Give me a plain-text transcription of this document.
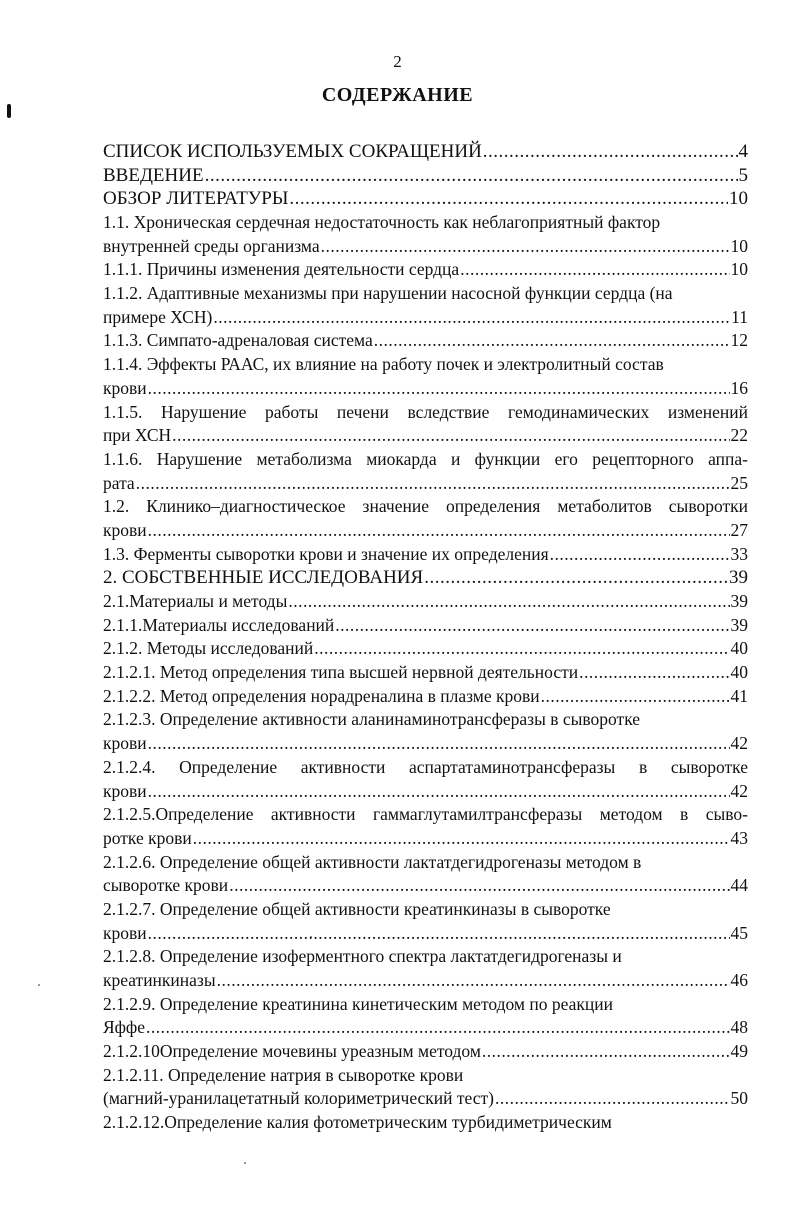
2
СОДЕРЖАНИЕ
СПИСОК ИСПОЛЬЗУЕМЫХ СОКРАЩЕНИЙ .....	4
ВВЕДЕНИЕ .....	5
ОБЗОР ЛИТЕРАТУРЫ .....	10
1.1. Хроническая сердечная недостаточность как неблагоприятный фактор
внутренней среды организма .....	10
1.1.1. Причины изменения деятельности сердца .....	10
1.1.2. Адаптивные механизмы при нарушении насосной функции сердца (на
примере ХСН) .....	11
1.1.3. Симпато-адреналовая система .....	12
1.1.4. Эффекты РААС, их влияние на работу почек и электролитный состав
крови .....	16
1.1.5. Нарушение работы печени вследствие гемодинамических изменений
при ХСН .....	22
1.1.6. Нарушение метаболизма миокарда и функции его рецепторного аппа-
рата .....	25
1.2. Клинико–диагностическое значение определения метаболитов сыворотки
крови .....	27
1.3. Ферменты сыворотки крови и значение их определения .....	33
2. СОБСТВЕННЫЕ ИССЛЕДОВАНИЯ .....	39
2.1.Материалы и методы .....	39
2.1.1.Материалы исследований .....	39
2.1.2. Методы исследований .....	40
2.1.2.1. Метод определения типа высшей нервной деятельности .....	40
2.1.2.2. Метод определения норадреналина в плазме крови .....	41
2.1.2.3. Определение активности аланинаминотрансферазы в сыворотке
крови .....	42
2.1.2.4. Определение активности аспартатаминотрансферазы в сыворотке
крови .....	42
2.1.2.5.Определение активности гаммаглутамилтрансферазы методом в сыво-
ротке крови .....	43
2.1.2.6. Определение общей активности лактатдегидрогеназы методом в
сыворотке крови .....	44
2.1.2.7. Определение общей активности креатинкиназы в сыворотке
крови .....	45
2.1.2.8. Определение изоферментного спектра лактатдегидрогеназы и
креатинкиназы .....	46
2.1.2.9. Определение креатинина кинетическим методом по реакции
Яффе .....	48
2.1.2.10Определение мочевины уреазным методом .....	49
2.1.2.11. Определение натрия в сыворотке крови
(магний-уранилацетатный колориметрический тест) .....	50
2.1.2.12.Определение калия фотометрическим турбидиметрическим
